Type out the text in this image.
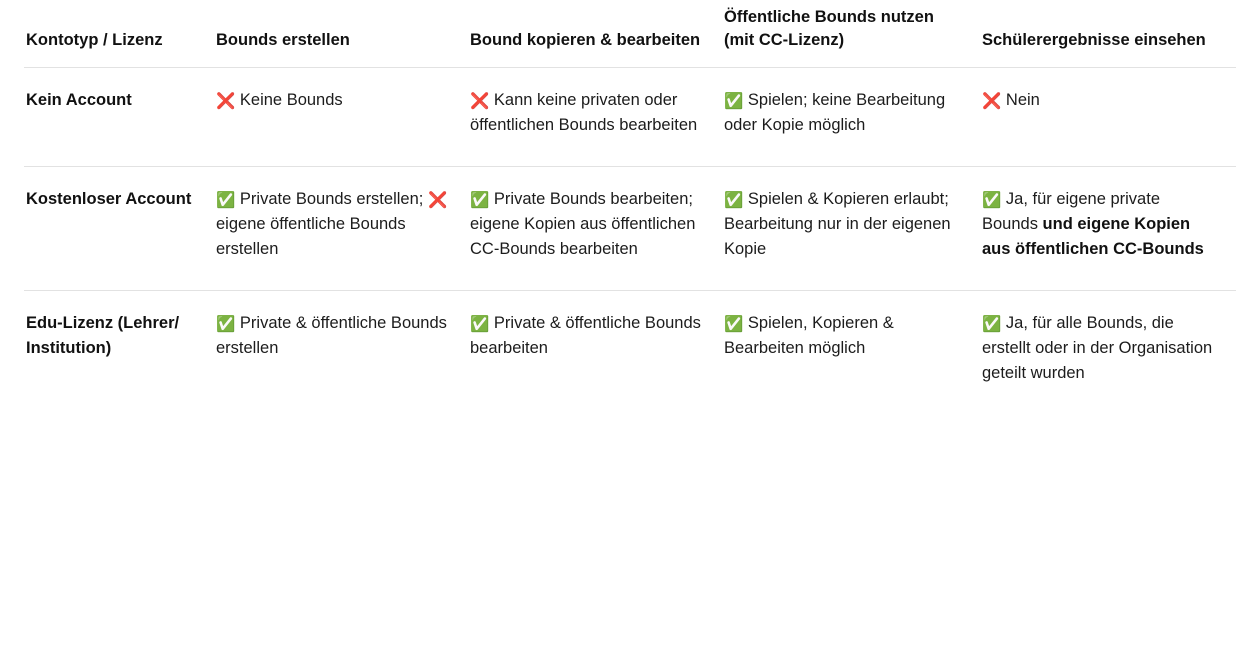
Kontotyp / Lizenz	Bounds erstellen	Bound kopieren & bearbeiten	Öffentliche Bounds nutzen (mit CC-Lizenz)	Schülerergebnisse einsehen
Kein Account	❌ Keine Bounds	❌ Kann keine privaten oder öffentlichen Bounds bearbeiten	✅ Spielen; keine Bearbeitung oder Kopie möglich	❌ Nein
Kostenloser Account	✅ Private Bounds erstellen; ❌ eigene öffentliche Bounds erstellen	✅ Private Bounds bearbeiten; eigene Kopien aus öffentlichen CC-Bounds bearbeiten	✅ Spielen & Kopieren erlaubt; Bearbeitung nur in der eigenen Kopie	✅ Ja, für eigene private Bounds und eigene Kopien aus öffentlichen CC-Bounds
Edu-Lizenz (Lehrer/ Institution)	✅ Private & öffentliche Bounds erstellen	✅ Private & öffentliche Bounds bearbeiten	✅ Spielen, Kopieren & Bearbeiten möglich	✅ Ja, für alle Bounds, die erstellt oder in der Organisation geteilt wurden
